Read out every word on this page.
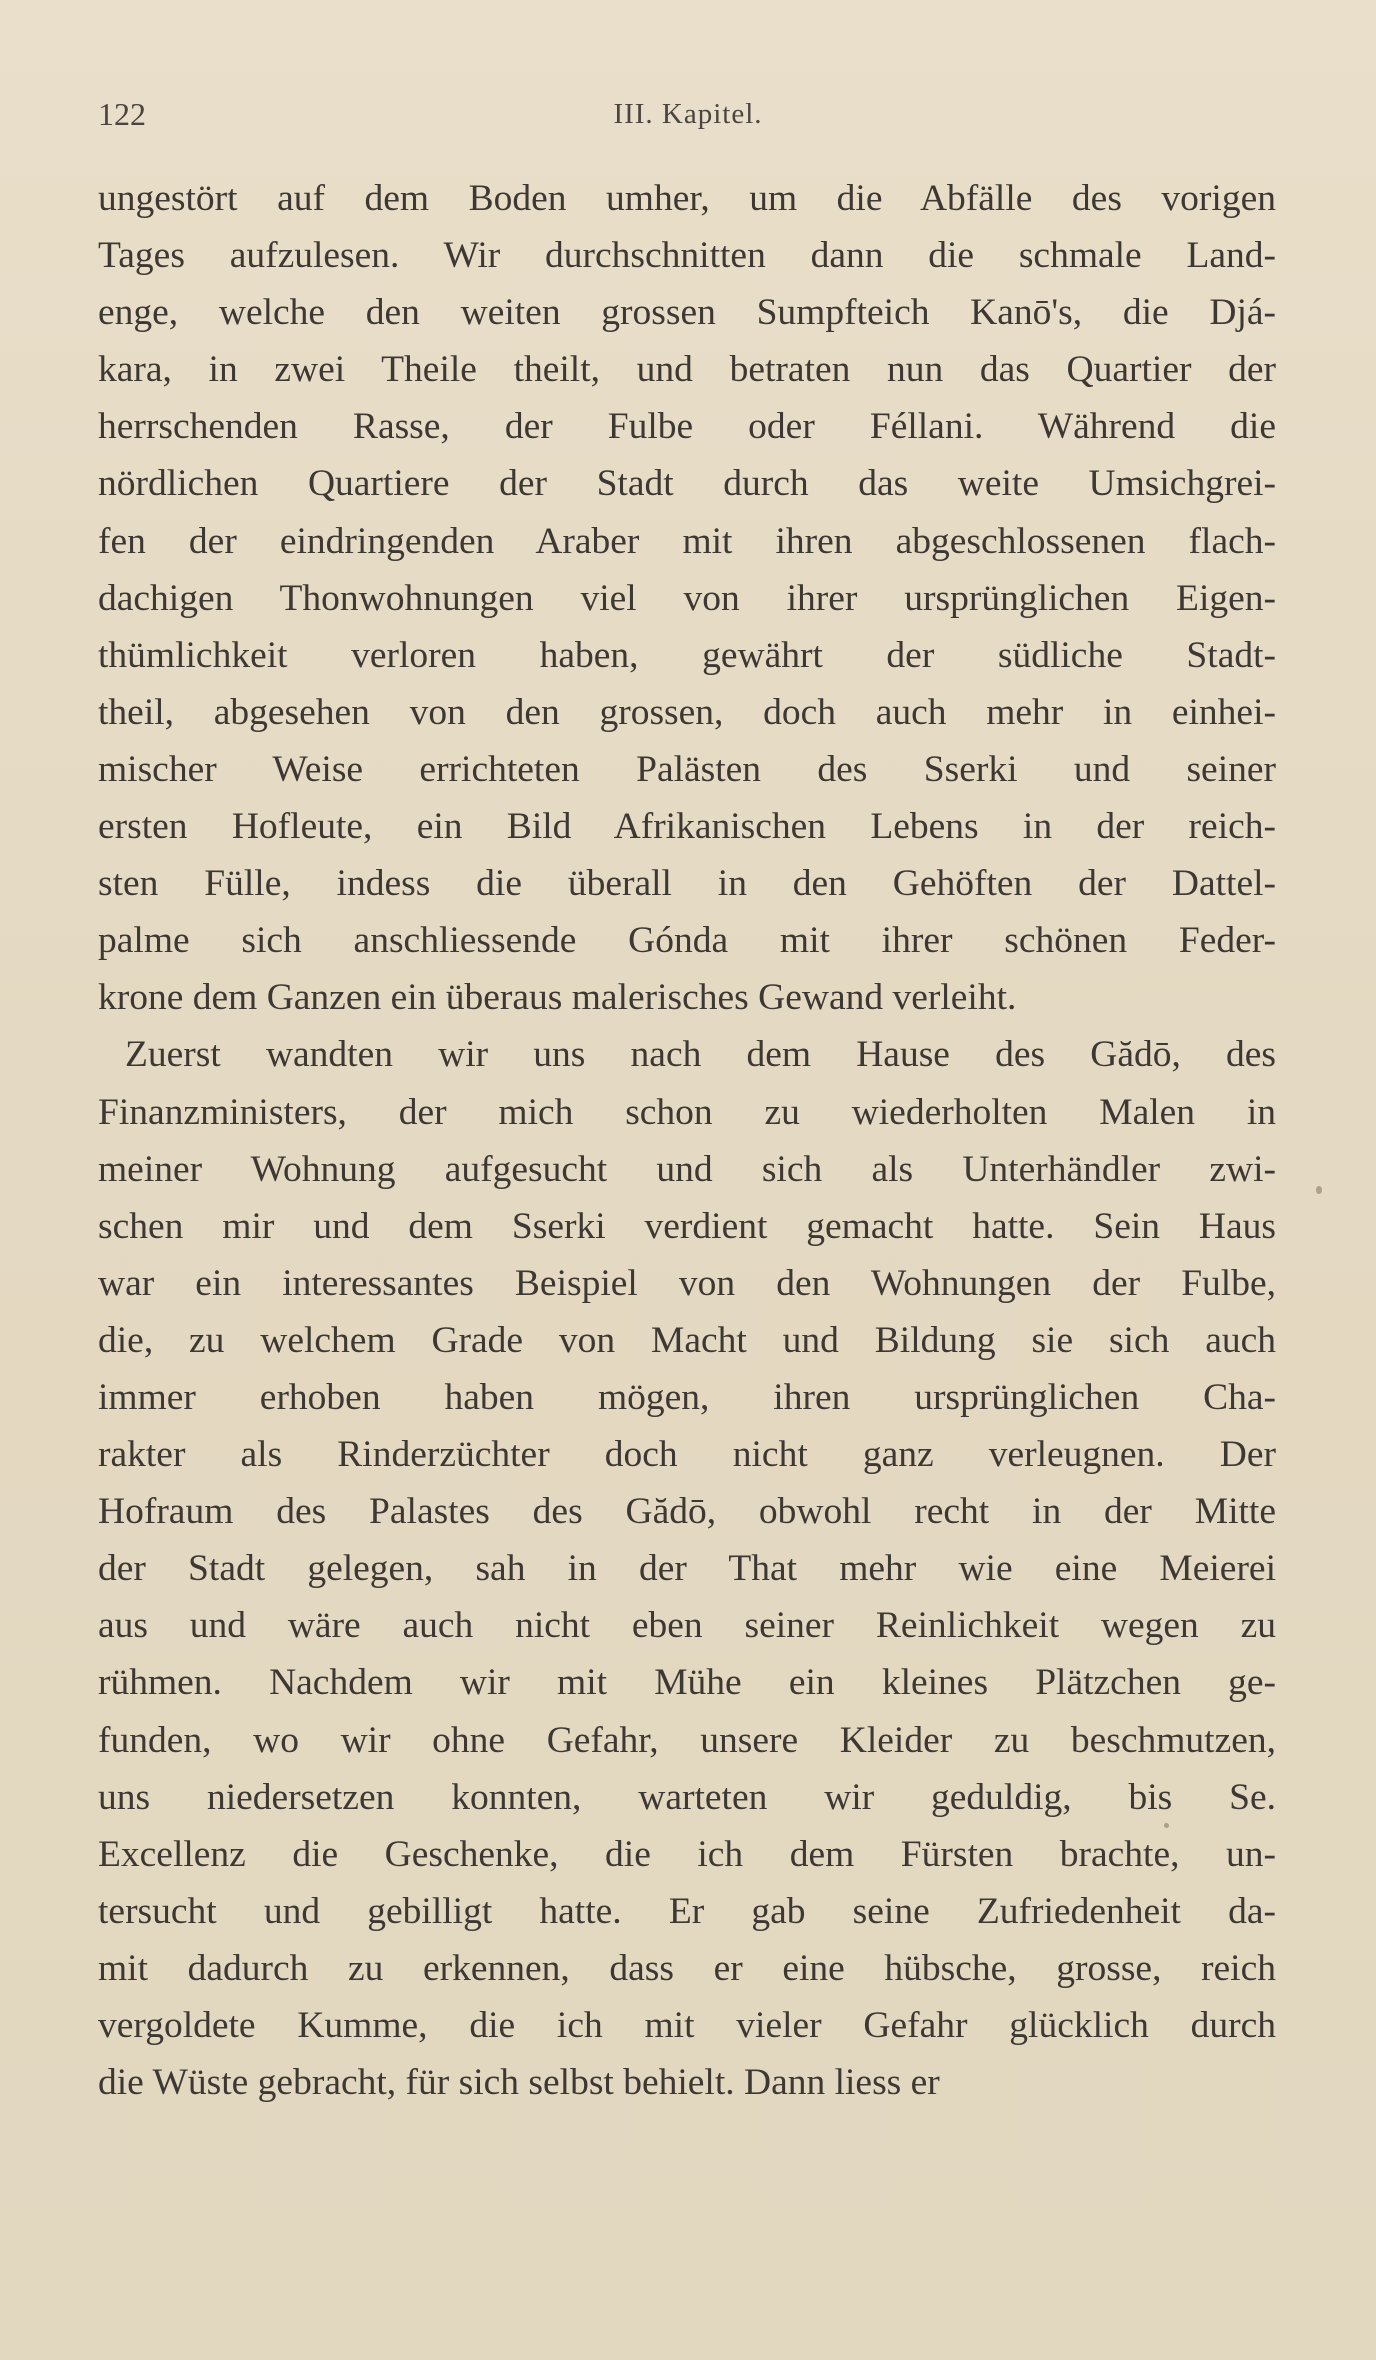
122	III. Kapitel.
ungestört auf dem Boden umher, um die Abfälle des vorigen
Tages aufzulesen. Wir durchschnitten dann die schmale Land-
enge, welche den weiten grossen Sumpfteich Kanō's, die Djá-
kara, in zwei Theile theilt, und betraten nun das Quartier der
herrschenden Rasse, der Fulbe oder Féllani. Während die
nördlichen Quartiere der Stadt durch das weite Umsichgrei-
fen der eindringenden Araber mit ihren abgeschlossenen flach-
dachigen Thonwohnungen viel von ihrer ursprünglichen Eigen-
thümlichkeit verloren haben, gewährt der südliche Stadt-
theil, abgesehen von den grossen, doch auch mehr in einhei-
mischer Weise errichteten Palästen des Sserki und seiner
ersten Hofleute, ein Bild Afrikanischen Lebens in der reich-
sten Fülle, indess die überall in den Gehöften der Dattel-
palme sich anschliessende Gónda mit ihrer schönen Feder-
krone dem Ganzen ein überaus malerisches Gewand verleiht.
Zuerst wandten wir uns nach dem Hause des Gădō, des
Finanzministers, der mich schon zu wiederholten Malen in
meiner Wohnung aufgesucht und sich als Unterhändler zwi-
schen mir und dem Sserki verdient gemacht hatte. Sein Haus
war ein interessantes Beispiel von den Wohnungen der Fulbe,
die, zu welchem Grade von Macht und Bildung sie sich auch
immer erhoben haben mögen, ihren ursprünglichen Cha-
rakter als Rinderzüchter doch nicht ganz verleugnen. Der
Hofraum des Palastes des Gădō, obwohl recht in der Mitte
der Stadt gelegen, sah in der That mehr wie eine Meierei
aus und wäre auch nicht eben seiner Reinlichkeit wegen zu
rühmen. Nachdem wir mit Mühe ein kleines Plätzchen ge-
funden, wo wir ohne Gefahr, unsere Kleider zu beschmutzen,
uns niedersetzen konnten, warteten wir geduldig, bis Se.
Excellenz die Geschenke, die ich dem Fürsten brachte, un-
tersucht und gebilligt hatte. Er gab seine Zufriedenheit da-
mit dadurch zu erkennen, dass er eine hübsche, grosse, reich
vergoldete Kumme, die ich mit vieler Gefahr glücklich durch
die Wüste gebracht, für sich selbst behielt. Dann liess er
